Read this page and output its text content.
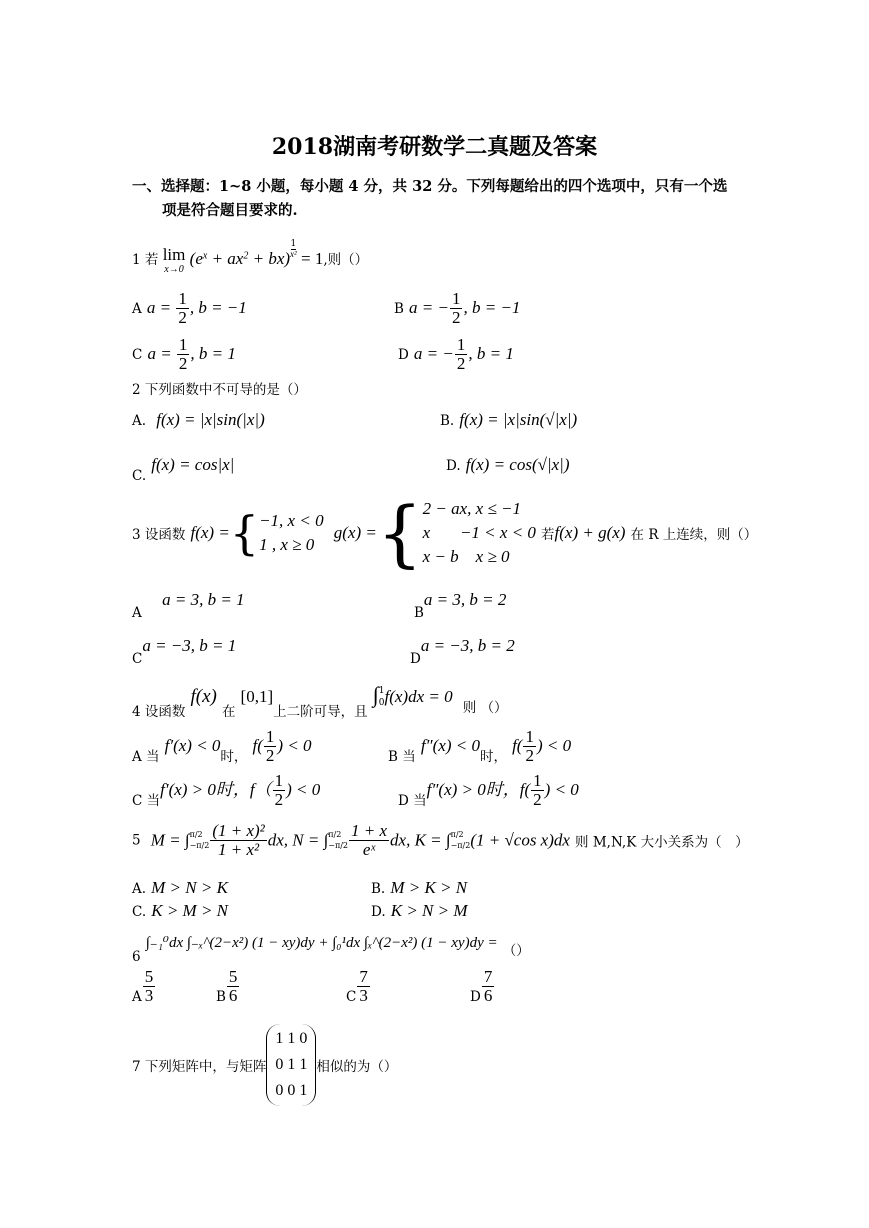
2018湖南考研数学二真题及答案
一、选择题：1~8 小题，每小题 4 分，共 32 分。下列每题给出的四个选项中，只有一个选
项是符合题目要求的.
1 若 lim
x→0
$(e^x + ax^2 + bx) \frac{1}{\text{x²}} = 1$,则（）
A $a = \frac{1}{2}$ , b = −1	B a = − $\frac{1}{2}$ , b = −1
C $a = \frac{1}{2}$ , b = 1	D a = − $\frac{1}{2}$ , b = 1
2 下列函数中不可导的是（）
A. f(x) = |x|sin(|x|)	B. f(x) = |x|sin(√|x|)
$_{C.}$ f(x) = cos|x|	D. f(x) = cos(√|x|)
3 设函数 f(x) ={ −1, x < 0
1 , x ≥ 0
g(x) ={ 2 − ax, x ≤ −1
x       −1 < x < 0
x − b    x ≥ 0
若f(x) + g(x) 在 R 上连续，则（）
$_A$    a = 3, b = 1
$_B$a = 3, b = 2
$_C$a = −3, b = 1
$_D$a = −3, b = 2
$_{4 设函数}$ f(x) $_在$ $[0,1]_{上二阶可导,且}$ ∫ 1
0 f(x)dx = 0  $_{则 ()}$
$_{A 当}$ $f'(x) < 0_{时,}$ $f( \frac{1}{2}$ ) < 0
$_{B 当}$ $f''(x) < 0_{时,}$ $f( \frac{1}{2}$ ) < 0
$_{C 当}$f′(x) > 0时，$f( \frac{1}{2}$ ) < 0
$_{D 当}$f″(x) > 0时，$f( \frac{1}{2}$ ) < 0
5 M = ∫ π/2
$-\pi/2 \frac{\text{(1 + x)²}}{\text{1 + x²}}$ dx, N = ∫ π/2
$-\pi/2 \frac{1 + x}{\text{eˣ}}$ dx, K = ∫ π/2
−π/2 (1 + √cos x)dx 则 M,N,K 大小关系为（　）
A. M > N > K	B. M > K > N
C. K > M > N	D. K > N > M
$_6$ ∫₋₁⁰dx ∫₋ₓ^(2−x²) (1 − xy)dy + ∫₀¹dx ∫ₓ^(2−x²) (1 − xy)dy = $_{()}$
$_A \frac{5}{3}$	$_B \frac{5}{6}$	$_C \frac{7}{3}$	$_D \frac{7}{6}$
7 下列矩阵中，与矩阵
1 1 0
0 1 1
0 0 1
相似的为（）
